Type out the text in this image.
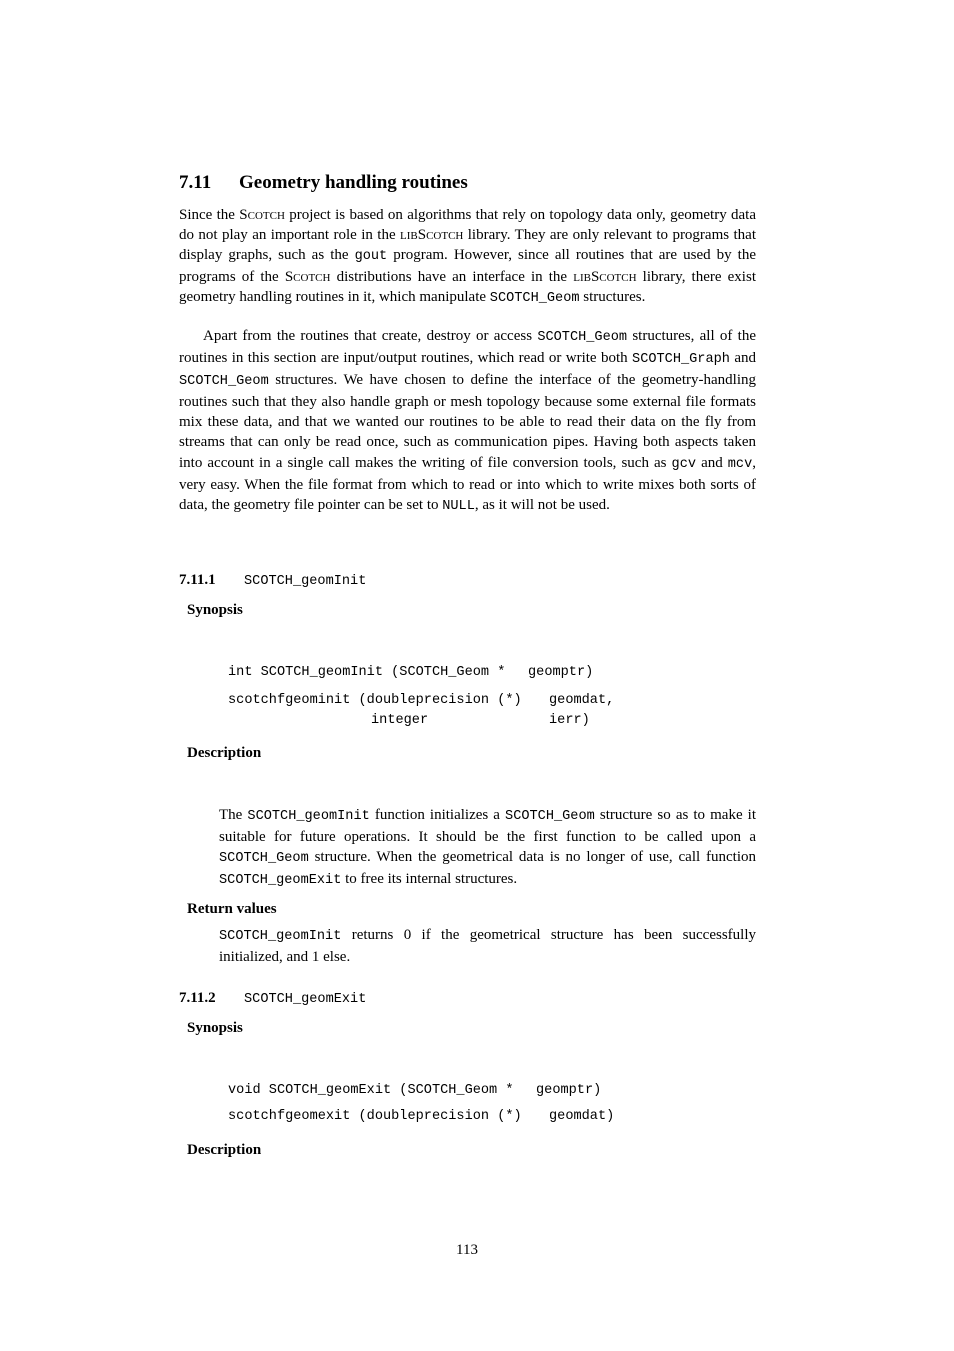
7.11 Geometry handling routines

Since the Scotch project is based on algorithms that rely on topology data only, geometry data do not play an important role in the libScotch library. They are only relevant to programs that display graphs, such as the gout program. However, since all routines that are used by the programs of the Scotch distributions have an interface in the libScotch library, there exist geometry handling routines in it, which manipulate SCOTCH_Geom structures.

Apart from the routines that create, destroy or access SCOTCH_Geom structures, all of the routines in this section are input/output routines, which read or write both SCOTCH_Graph and SCOTCH_Geom structures. We have chosen to define the interface of the geometry-handling routines such that they also handle graph or mesh topology because some external file formats mix these data, and that we wanted our routines to be able to read their data on the fly from streams that can only be read once, such as communication pipes. Having both aspects taken into account in a single call makes the writing of file conversion tools, such as gcv and mcv, very easy. When the file format from which to read or into which to write mixes both sorts of data, the geometry file pointer can be set to NULL, as it will not be used.

7.11.1 SCOTCH_geomInit
Synopsis
int SCOTCH_geomInit (SCOTCH_Geom * geomptr)
scotchfgeominit (doubleprecision (*) geomdat,
integer	ierr)
Description

The SCOTCH_geomInit function initializes a SCOTCH_Geom structure so as to make it suitable for future operations. It should be the first function to be called upon a SCOTCH_Geom structure. When the geometrical data is no longer of use, call function SCOTCH_geomExit to free its internal structures.

Return values

SCOTCH_geomInit returns 0 if the geometrical structure has been successfully initialized, and 1 else.

7.11.2 SCOTCH_geomExit
Synopsis
void SCOTCH_geomExit (SCOTCH_Geom * geomptr)
scotchfgeomexit (doubleprecision (*) geomdat)
Description
113
